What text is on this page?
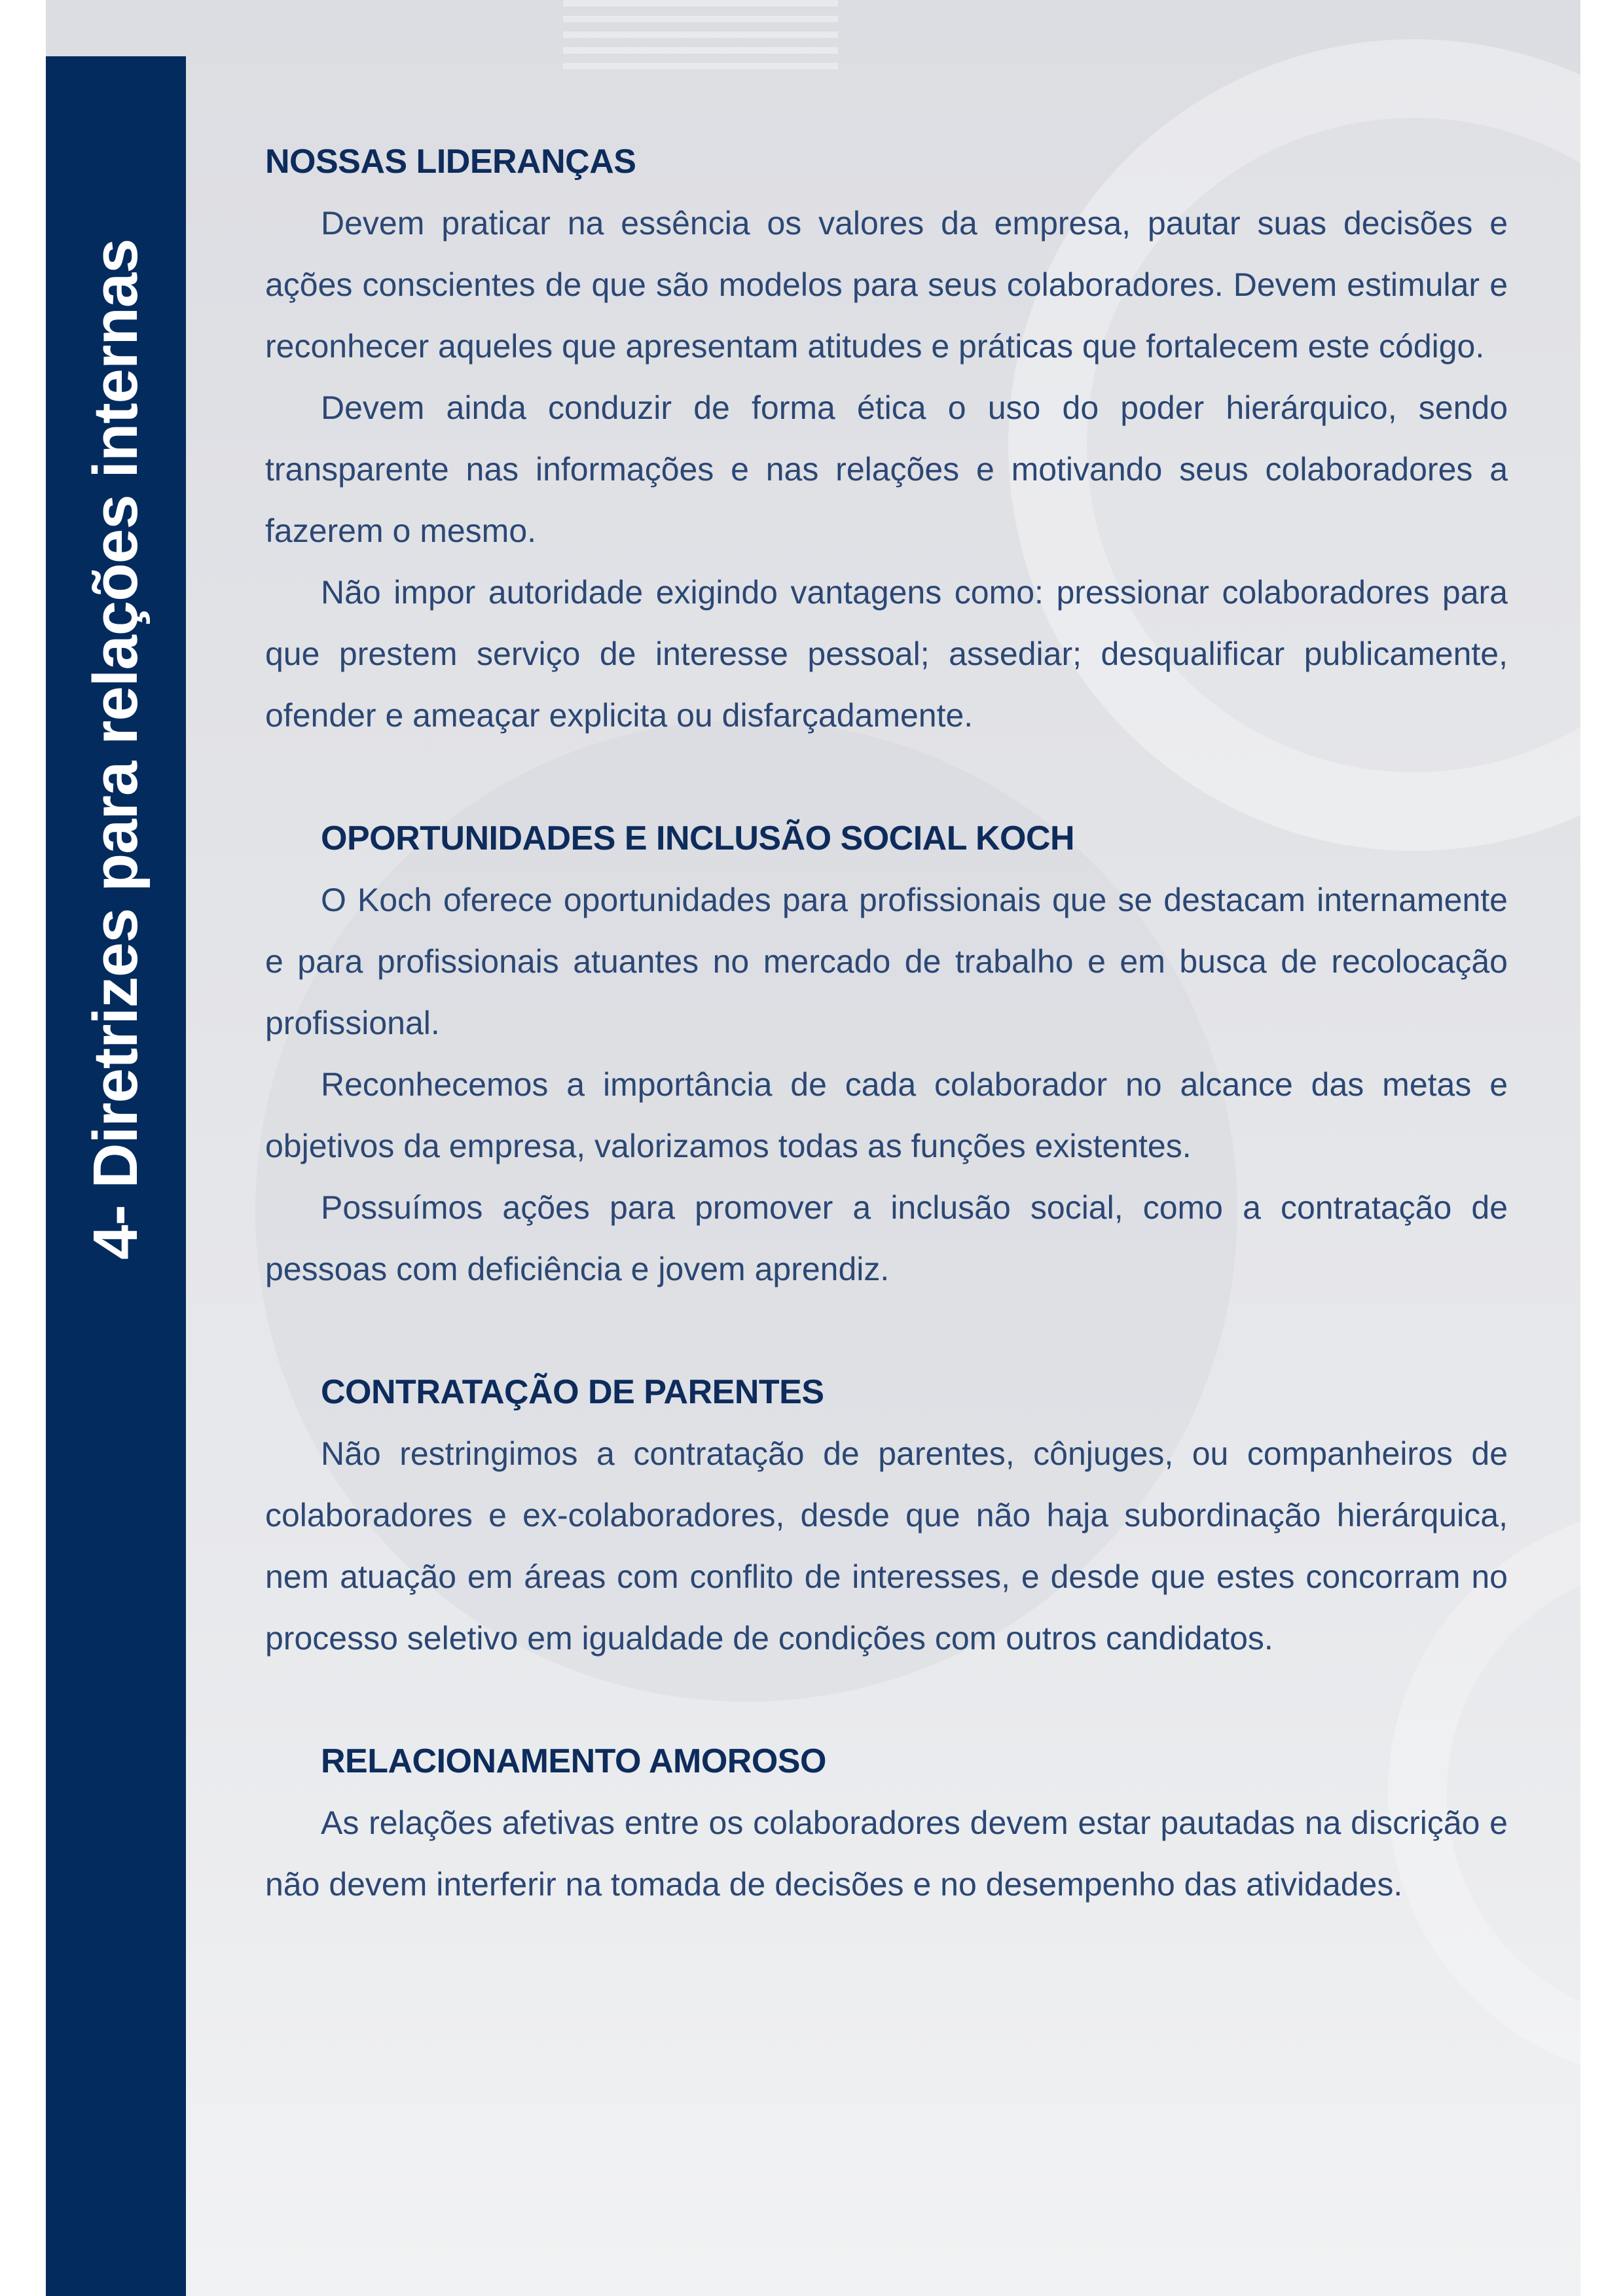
4- Diretrizes para relações internas
NOSSAS LIDERANÇAS

Devem praticar na essência os valores da empresa, pautar suas decisões e ações conscientes de que são modelos para seus colaboradores. Devem estimular e reconhecer aqueles que apresentam atitudes e práticas que fortalecem este código.

Devem ainda conduzir de forma ética o uso do poder hierárquico, sendo transparente nas informações e nas relações e motivando seus colaboradores a fazerem o mesmo.

Não impor autoridade exigindo vantagens como: pressionar colaboradores para que prestem serviço de interesse pessoal; assediar; desqualificar publicamente, ofender e ameaçar explicita ou disfarçadamente.

OPORTUNIDADES E INCLUSÃO SOCIAL KOCH

O Koch oferece oportunidades para profissionais que se destacam internamente e para profissionais atuantes no mercado de trabalho e em busca de recolocação profissional.

Reconhecemos a importância de cada colaborador no alcance das metas e objetivos da empresa, valorizamos todas as funções existentes.

Possuímos ações para promover a inclusão social, como a contratação de pessoas com deficiência e jovem aprendiz.

CONTRATAÇÃO DE PARENTES

Não restringimos a contratação de parentes, cônjuges, ou companheiros de colaboradores e ex-colaboradores, desde que não haja subordinação hierárquica, nem atuação em áreas com conflito de interesses, e desde que estes concorram no processo seletivo em igualdade de condições com outros candidatos.

RELACIONAMENTO AMOROSO

As relações afetivas entre os colaboradores devem estar pautadas na discrição e não devem interferir na tomada de decisões e no desempenho das atividades.
